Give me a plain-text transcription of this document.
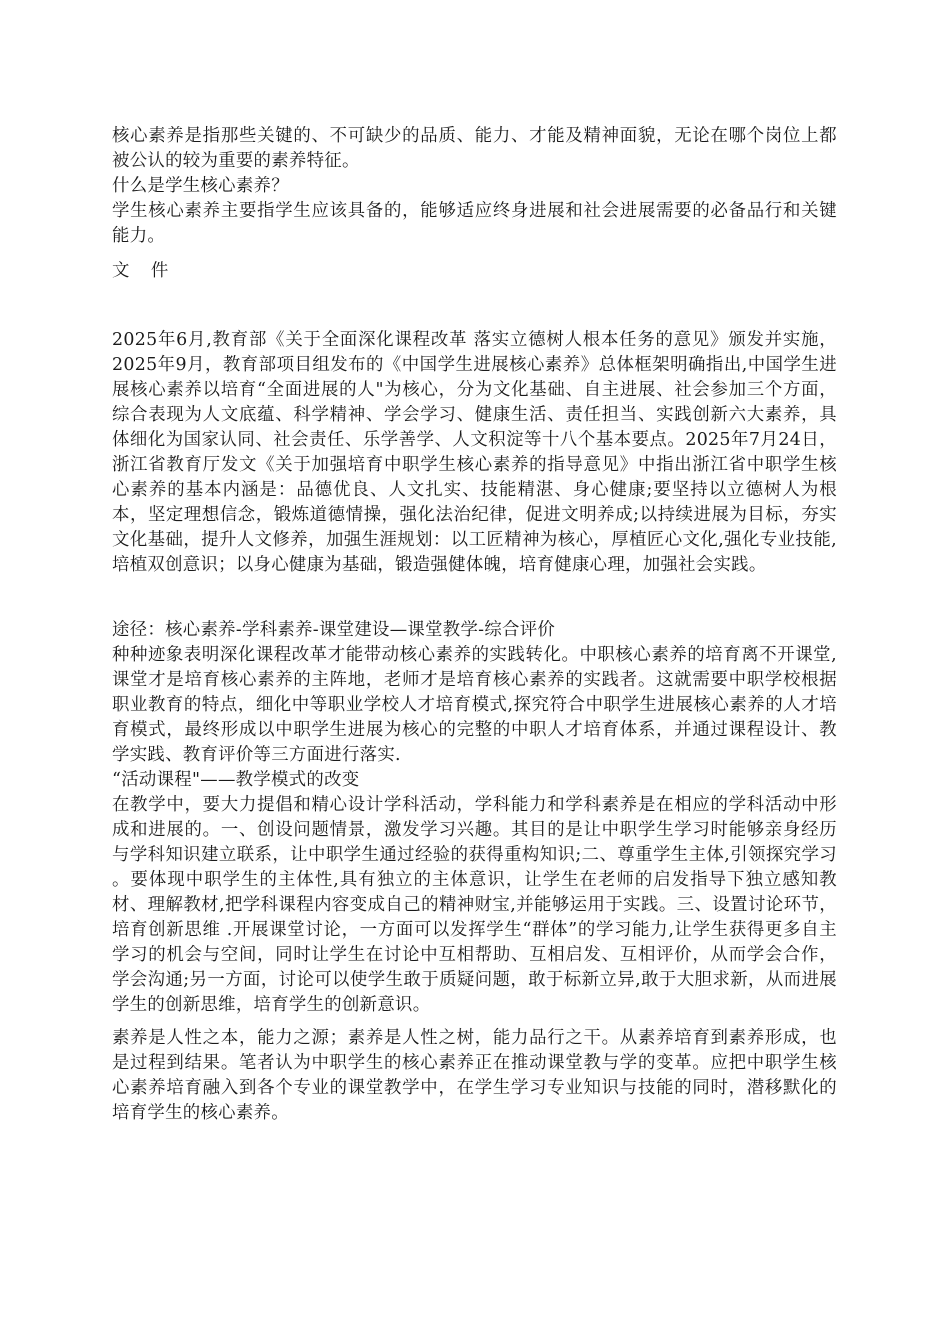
核心素养是指那些关键的、不可缺少的品质、能力、才能及精神面貌，无论在哪个岗位上都被公认的较为重要的素养特征。

什么是学生核心素养？

学生核心素养主要指学生应该具备的，能够适应终身进展和社会进展需要的必备品行和关键能力。

文 件

2025年6月,教育部《关于全面深化课程改革 落实立德树人根本任务的意见》颁发并实施，2025年9月，教育部项目组发布的《中国学生进展核心素养》总体框架明确指出,中国学生进展核心素养以培育“全面进展的人"为核心，分为文化基础、自主进展、社会参加三个方面，综合表现为人文底蕴、科学精神、学会学习、健康生活、责任担当、实践创新六大素养，具体细化为国家认同、社会责任、乐学善学、人文积淀等十八个基本要点。2025年7月24日，浙江省教育厅发文《关于加强培育中职学生核心素养的指导意见》中指出浙江省中职学生核心素养的基本内涵是：品德优良、人文扎实、技能精湛、身心健康;要坚持以立德树人为根本，坚定理想信念，锻炼道德情操，强化法治纪律，促进文明养成;以持续进展为目标，夯实文化基础，提升人文修养，加强生涯规划：以工匠精神为核心，厚植匠心文化,强化专业技能,培植双创意识；以身心健康为基础，锻造强健体魄，培育健康心理，加强社会实践。

途径：核心素养-学科素养-课堂建设—课堂教学-综合评价

种种迹象表明深化课程改革才能带动核心素养的实践转化。中职核心素养的培育离不开课堂,课堂才是培育核心素养的主阵地，老师才是培育核心素养的实践者。这就需要中职学校根据职业教育的特点，细化中等职业学校人才培育模式,探究符合中职学生进展核心素养的人才培育模式，最终形成以中职学生进展为核心的完整的中职人才培育体系，并通过课程设计、教学实践、教育评价等三方面进行落实.

“活动课程"——教学模式的改变

在教学中，要大力提倡和精心设计学科活动，学科能力和学科素养是在相应的学科活动中形成和进展的。一、创设问题情景，激发学习兴趣。其目的是让中职学生学习时能够亲身经历与学科知识建立联系，让中职学生通过经验的获得重构知识;二、尊重学生主体,引领探究学习 。要体现中职学生的主体性,具有独立的主体意识，让学生在老师的启发指导下独立感知教材、理解教材,把学科课程内容变成自己的精神财宝,并能够运用于实践。三、设置讨论环节，培育创新思维 .开展课堂讨论，一方面可以发挥学生“群体”的学习能力,让学生获得更多自主学习的机会与空间，同时让学生在讨论中互相帮助、互相启发、互相评价，从而学会合作，学会沟通;另一方面，讨论可以使学生敢于质疑问题，敢于标新立异,敢于大胆求新，从而进展学生的创新思维，培育学生的创新意识。

素养是人性之本，能力之源；素养是人性之树，能力品行之干。从素养培育到素养形成，也是过程到结果。笔者认为中职学生的核心素养正在推动课堂教与学的变革。应把中职学生核心素养培育融入到各个专业的课堂教学中，在学生学习专业知识与技能的同时，潜移默化的培育学生的核心素养。
